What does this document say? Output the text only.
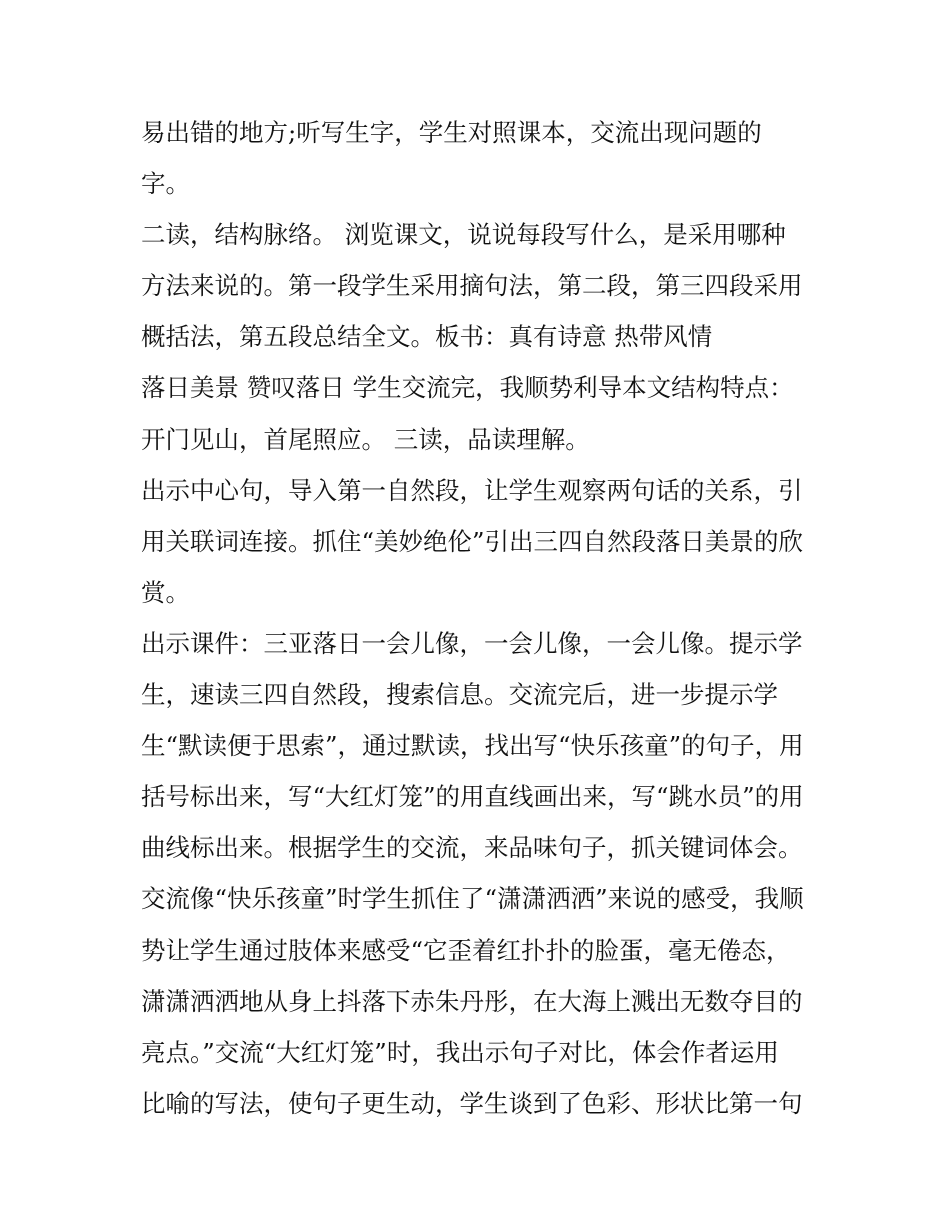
易出错的地方;听写生字，学生对照课本，交流出现问题的
字。
二读，结构脉络。 浏览课文，说说每段写什么，是采用哪种
方法来说的。第一段学生采用摘句法，第二段，第三四段采用
概括法，第五段总结全文。板书：真有诗意 热带风情
落日美景 赞叹落日 学生交流完，我顺势利导本文结构特点：
开门见山，首尾照应。 三读，品读理解。
出示中心句，导入第一自然段，让学生观察两句话的关系，引
用关联词连接。抓住“美妙绝伦”引出三四自然段落日美景的欣
赏。
出示课件：三亚落日一会儿像，一会儿像，一会儿像。提示学
生，速读三四自然段，搜索信息。交流完后，进一步提示学
生“默读便于思索”，通过默读，找出写“快乐孩童”的句子，用
括号标出来，写“大红灯笼”的用直线画出来，写“跳水员”的用
曲线标出来。根据学生的交流，来品味句子，抓关键词体会。
交流像“快乐孩童”时学生抓住了“潇潇洒洒”来说的感受，我顺
势让学生通过肢体来感受“它歪着红扑扑的脸蛋，毫无倦态，
潇潇洒洒地从身上抖落下赤朱丹彤，在大海上溅出无数夺目的
亮点。”交流“大红灯笼”时，我出示句子对比，体会作者运用
比喻的写法，使句子更生动，学生谈到了色彩、形状比第一句
